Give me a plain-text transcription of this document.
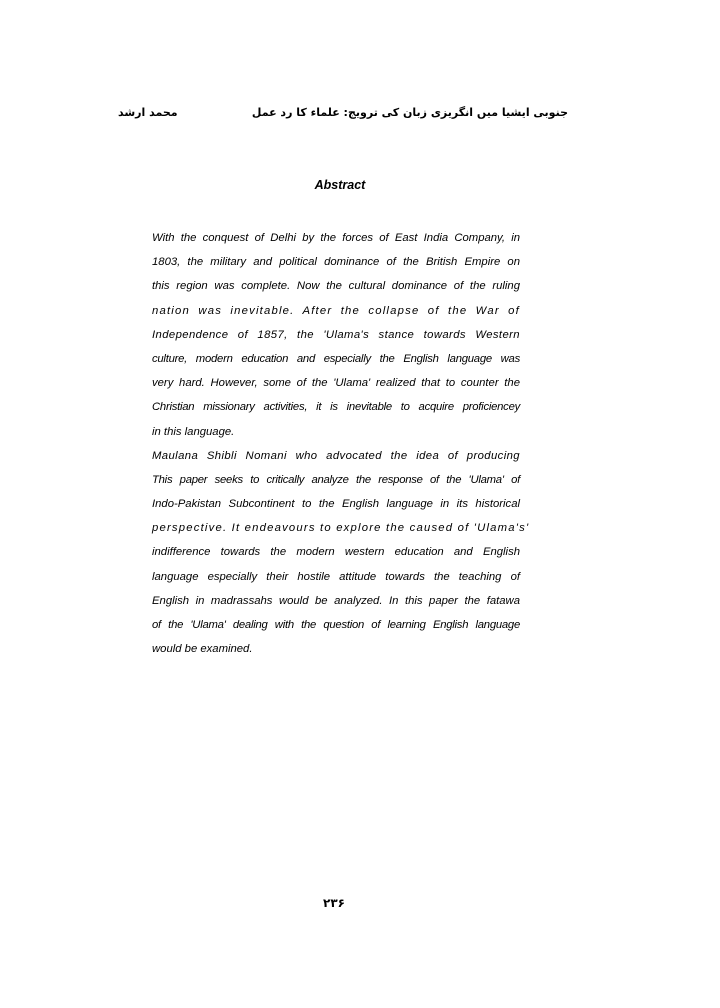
جنوبی ایشیا میں انگریزی زبان کی ترویج: علماء کا رد عمل
محمد ارشد
Abstract
With the conquest of Delhi by the forces of East India Company, in
1803, the military and political dominance of the British Empire on
this region was complete. Now the cultural dominance of the ruling
nation was inevitable. After the collapse of the War of
Independence of 1857, the 'Ulama's stance towards Western
culture, modern education and especially the English language was
very hard. However, some of the 'Ulama' realized that to counter the
Christian missionary activities, it is inevitable to acquire proficiencey
in this language.
Maulana Shibli Nomani who advocated the idea of producing
This paper seeks to critically analyze the response of the 'Ulama' of
Indo-Pakistan Subcontinent to the English language in its historical
perspective. It endeavours to explore the caused of 'Ulama's'
indifference towards the modern western education and English
language especially their hostile attitude towards the teaching of
English in madrassahs would be analyzed. In this paper the fatawa
of the 'Ulama' dealing with the question of learning English language
would be examined.
۲۳۶
